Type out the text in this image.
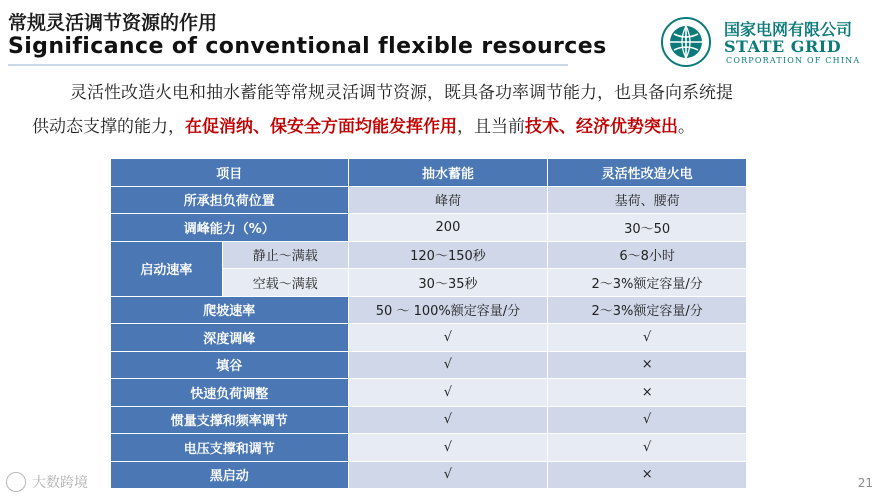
常规灵活调节资源的作用
Significance of conventional flexible resources
国家电网有限公司
STATE GRID
CORPORATION OF CHINA

灵活性改造火电和抽水蓄能等常规灵活调节资源，既具备功率调节能力，也具备向系统提

供动态支撑的能力，在促消纳、保安全方面均能发挥作用，且当前技术、经济优势突出。

项目		抽水蓄能	灵活性改造火电
所承担负荷位置		峰荷	基荷、腰荷
调峰能力（%）		200	30～50
启动速率	静止～满载	120～150秒	6～8小时
	空载～满载	30～35秒	2～3%额定容量/分
爬坡速率		50 ～ 100%额定容量/分	2～3%额定容量/分
深度调峰		√	√
填谷		√	×
快速负荷调整		√	×
惯量支撑和频率调节		√	√
电压支撑和调节		√	√
黑启动		√	×
大数跨境	21
